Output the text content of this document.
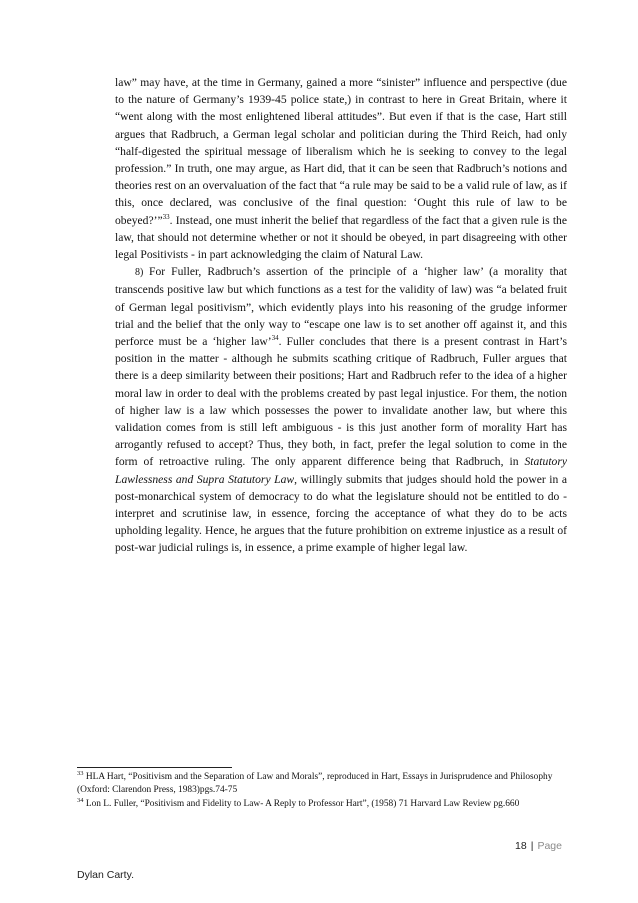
law” may have, at the time in Germany, gained a more “sinister” influence and perspective (due to the nature of Germany’s 1939-45 police state,) in contrast to here in Great Britain, where it “went along with the most enlightened liberal attitudes”. But even if that is the case, Hart still argues that Radbruch, a German legal scholar and politician during the Third Reich, had only “half-digested the spiritual message of liberalism which he is seeking to convey to the legal profession.” In truth, one may argue, as Hart did, that it can be seen that Radbruch’s notions and theories rest on an overvaluation of the fact that “a rule may be said to be a valid rule of law, as if this, once declared, was conclusive of the final question: ‘Ought this rule of law to be obeyed?’”$^{33}$. Instead, one must inherit the belief that regardless of the fact that a given rule is the law, that should not determine whether or not it should be obeyed, in part disagreeing with other legal Positivists - in part acknowledging the claim of Natural Law.

8) For Fuller, Radbruch’s assertion of the principle of a ‘higher law’ (a morality that transcends positive law but which functions as a test for the validity of law) was “a belated fruit of German legal positivism”, which evidently plays into his reasoning of the grudge informer trial and the belief that the only way to “escape one law is to set another off against it, and this perforce must be a ‘higher law’$^{34}$. Fuller concludes that there is a present contrast in Hart’s position in the matter - although he submits scathing critique of Radbruch, Fuller argues that there is a deep similarity between their positions; Hart and Radbruch refer to the idea of a higher moral law in order to deal with the problems created by past legal injustice. For them, the notion of higher law is a law which possesses the power to invalidate another law, but where this validation comes from is still left ambiguous - is this just another form of morality Hart has arrogantly refused to accept? Thus, they both, in fact, prefer the legal solution to come in the form of retroactive ruling. The only apparent difference being that Radbruch, in Statutory Lawlessness and Supra Statutory Law, willingly submits that judges should hold the power in a post-monarchical system of democracy to do what the legislature should not be entitled to do - interpret and scrutinise law, in essence, forcing the acceptance of what they do to be acts upholding legality. Hence, he argues that the future prohibition on extreme injustice as a result of post-war judicial rulings is, in essence, a prime example of higher legal law.

$^{33}$ HLA Hart, “Positivism and the Separation of Law and Morals”, reproduced in Hart, Essays in Jurisprudence and Philosophy (Oxford: Clarendon Press, 1983)pgs.74-75

$^{34}$ Lon L. Fuller, “Positivism and Fidelity to Law- A Reply to Professor Hart”, (1958) 71 Harvard Law Review pg.660

18 | Page
Dylan Carty.
